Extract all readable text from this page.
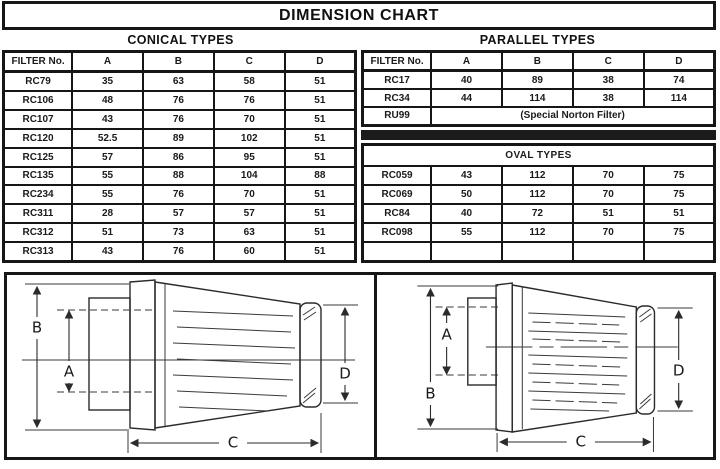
DIMENSION CHART
CONICAL TYPES	PARALLEL TYPES
FILTER No.	A	B	C	D
RC79	35	63	58	51
RC106	48	76	76	51
RC107	43	76	70	51
RC120	52.5	89	102	51
RC125	57	86	95	51
RC135	55	88	104	88
RC234	55	76	70	51
RC311	28	57	57	51
RC312	51	73	63	51
RC313	43	76	60	51
FILTER No.	A	B	C	D
RC17	40	89	38	74
RC34	44	114	38	114
RU99	(Special Norton Filter)			
OVAL TYPES				
RC059	43	112	70	75
RC069	50	112	70	75
RC84	40	72	51	51
RC098	55	112	70	75

B
A	D
C
B
A
D
C
